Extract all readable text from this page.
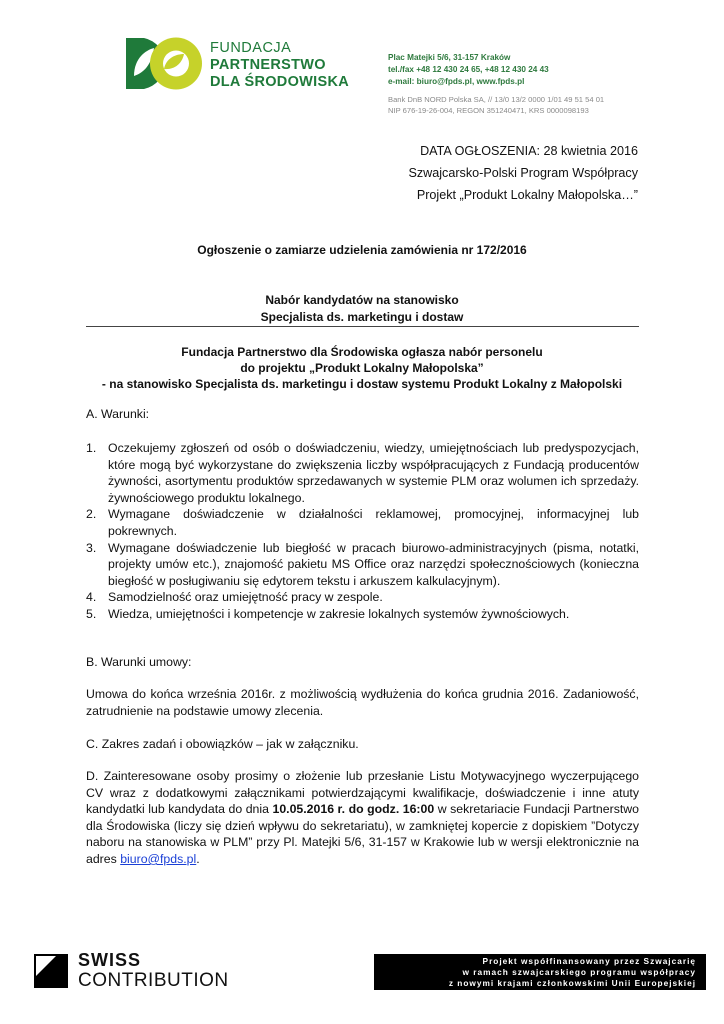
FUNDACJA
PARTNERSTWO
DLA ŚRODOWISKA
Plac Matejki 5/6, 31-157 Kraków
tel./fax +48 12 430 24 65, +48 12 430 24 43
e-mail: biuro@fpds.pl, www.fpds.pl
Bank DnB NORD Polska SA, // 13/0 13/2 0000 1/01 49 51 54 01
NIP 676-19-26-004, REGON 351240471, KRS 0000098193
DATA OGŁOSZENIA: 28 kwietnia 2016
Szwajcarsko-Polski Program Współpracy
Projekt „Produkt Lokalny Małopolska…”
Ogłoszenie o zamiarze udzielenia zamówienia nr 172/2016
Nabór kandydatów na stanowisko
Specjalista ds. marketingu i dostaw
Fundacja Partnerstwo dla Środowiska ogłasza nabór personelu
do projektu „Produkt Lokalny Małopolska”
- na stanowisko Specjalista ds. marketingu i dostaw systemu Produkt Lokalny z Małopolski
A. Warunki:
1. Oczekujemy zgłoszeń od osób o doświadczeniu, wiedzy, umiejętnościach lub predyspozycjach, które mogą być wykorzystane do zwiększenia liczby współpracujących z Fundacją producentów żywności, asortymentu produktów sprzedawanych w systemie PLM oraz wolumen ich sprzedaży. żywnościowego produktu lokalnego.
2. Wymagane doświadczenie w działalności reklamowej, promocyjnej, informacyjnej lub pokrewnych.
3. Wymagane doświadczenie lub biegłość w pracach biurowo-administracyjnych (pisma, notatki, projekty umów etc.), znajomość pakietu MS Office oraz narzędzi społecznościowych (konieczna biegłość w posługiwaniu się edytorem tekstu i arkuszem kalkulacyjnym).
4. Samodzielność oraz umiejętność pracy w zespole.
5. Wiedza, umiejętności i kompetencje w zakresie lokalnych systemów żywnościowych.
B. Warunki umowy:
Umowa do końca września 2016r. z możliwością wydłużenia do końca grudnia 2016. Zadaniowość, zatrudnienie na podstawie umowy zlecenia.
C. Zakres zadań i obowiązków – jak w załączniku.
D. Zainteresowane osoby prosimy o złożenie lub przesłanie Listu Motywacyjnego wyczerpującego CV wraz z dodatkowymi załącznikami potwierdzającymi kwalifikacje, doświadczenie i inne atuty kandydatki lub kandydata do dnia 10.05.2016 r. do godz. 16:00 w sekretariacie Fundacji Partnerstwo dla Środowiska (liczy się dzień wpływu do sekretariatu), w zamkniętej kopercie z dopiskiem ”Dotyczy naboru na stanowiska w PLM” przy Pl. Matejki 5/6, 31-157 w Krakowie lub w wersji elektronicznie na adres biuro@fpds.pl.
SWISS
CONTRIBUTION
Projekt współfinansowany przez Szwajcarię
w ramach szwajcarskiego programu współpracy
z nowymi krajami członkowskimi Unii Europejskiej
